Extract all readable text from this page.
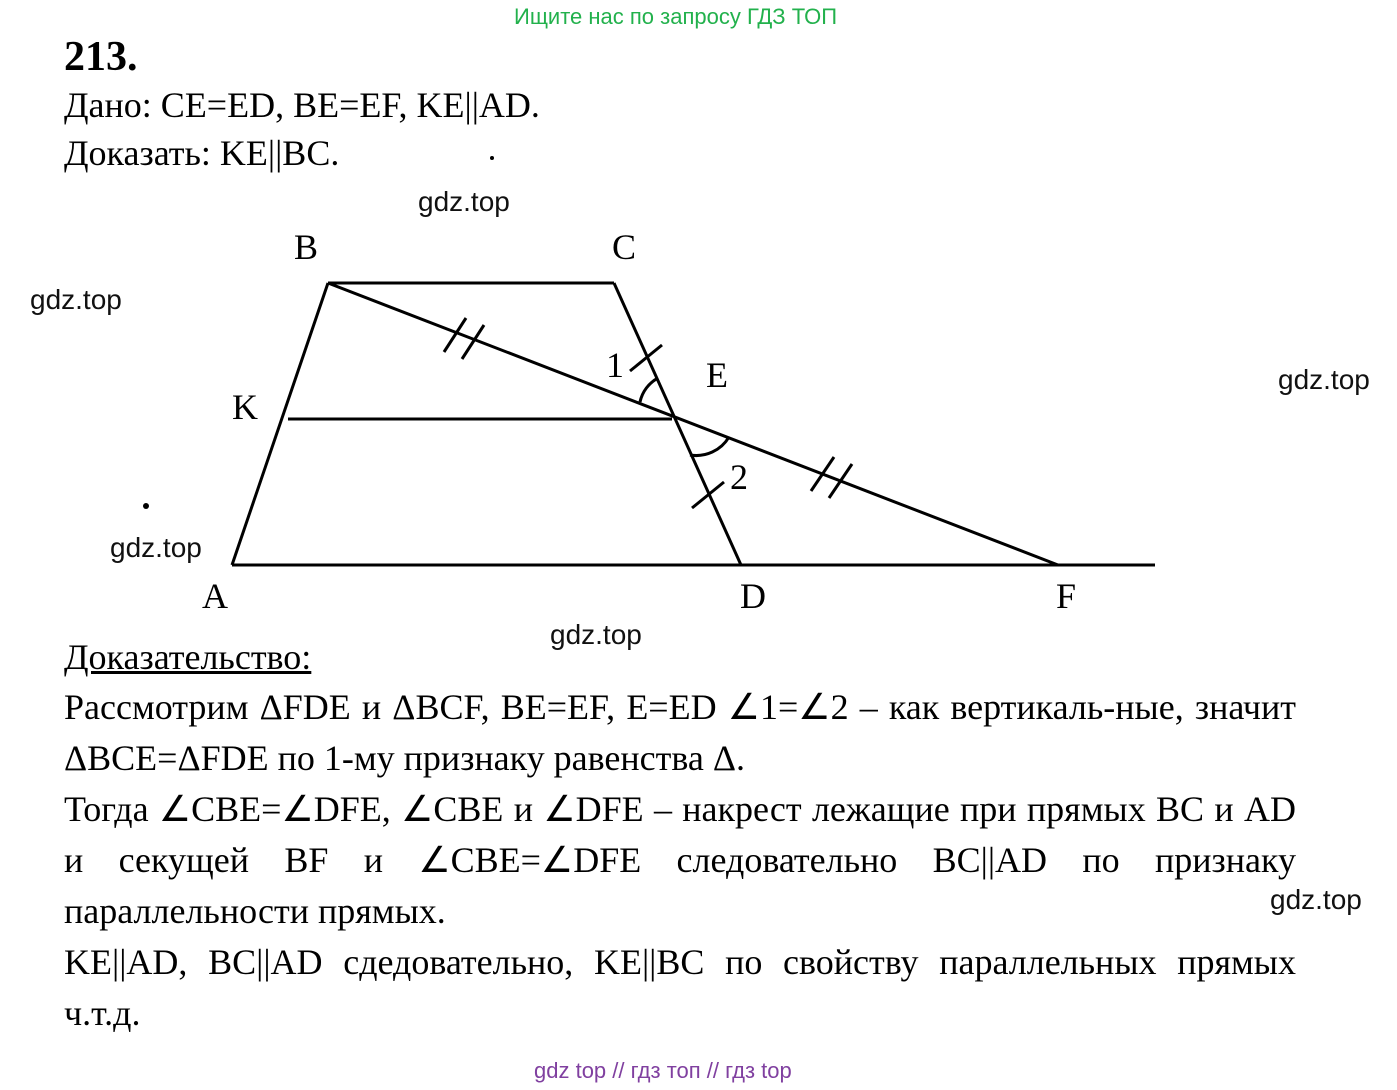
Ищите нас по запросу ГДЗ ТОП
213.
Дано: CE=ED, BE=EF, KE||AD.
Доказать: KE||BC.
gdz.top
gdz.top
gdz.top
gdz.top
gdz.top
gdz.top
B	C
E
K
A	D	F
1
2
Доказательство:

Рассмотрим ΔFDE и ΔBCF, BE=EF, E=ED ∠1=∠2 – как вертикаль-ные, значит ΔBCE=ΔFDE по 1-му признаку равенства Δ.

Тогда ∠CBE=∠DFE, ∠CBE и ∠DFE – накрест лежащие при прямых BC и AD и секущей BF и ∠CBE=∠DFE следовательно BC||AD по признаку параллельности прямых.

KE||AD, BC||AD сдедовательно, KE||BC по свойству параллельных прямых ч.т.д.

gdz top // гдз топ // гдз top
